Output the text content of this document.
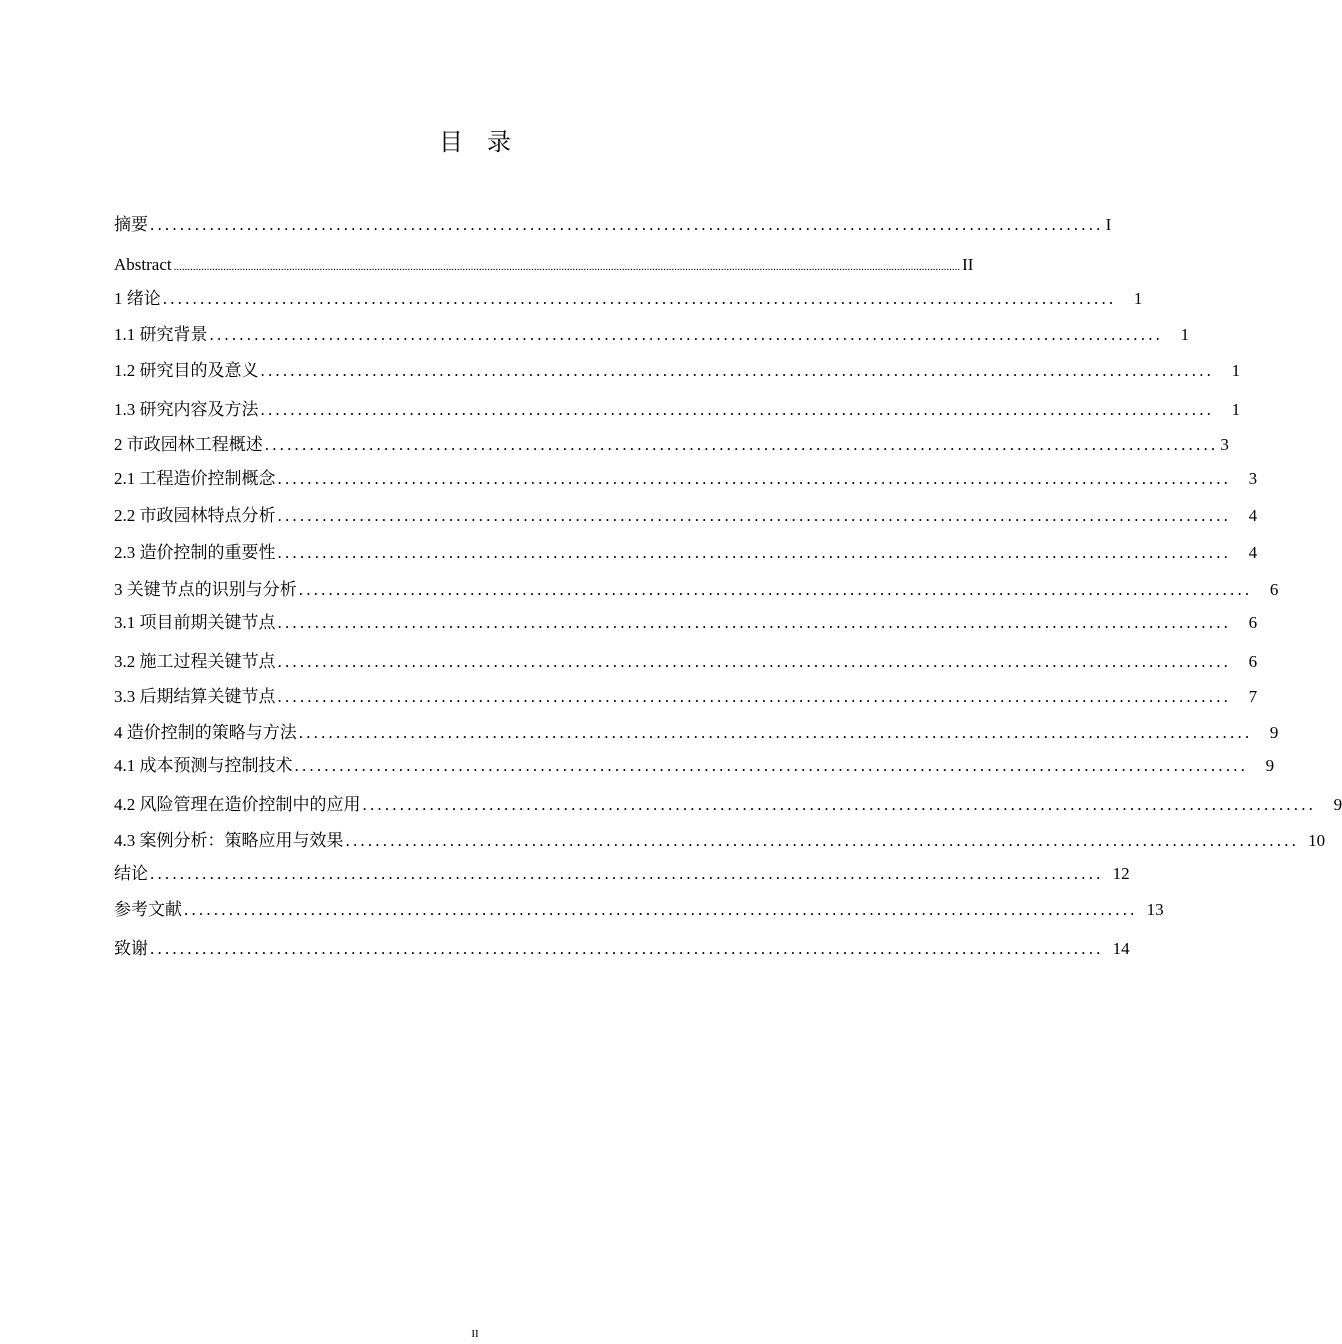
目　录
摘要 ................................................................................................................................ I
Abstract .............................................................................................................................................................................................................................................................................................. II
1 绪论 ................................................................................................................................	1
1.1 研究背景 ................................................................................................................................	1
1.2 研究目的及意义 ................................................................................................................................	1
1.3 研究内容及方法 ................................................................................................................................	1
2 市政园林工程概述 ................................................................................................................................ 3
2.1 工程造价控制概念 ................................................................................................................................	3
2.2 市政园林特点分析 ................................................................................................................................	4
2.3 造价控制的重要性 ................................................................................................................................	4
3 关键节点的识别与分析 ................................................................................................................................	6
3.1 项目前期关键节点 ................................................................................................................................	6
3.2 施工过程关键节点 ................................................................................................................................	6
3.3 后期结算关键节点 ................................................................................................................................	7
4 造价控制的策略与方法 ................................................................................................................................	9
4.1 成本预测与控制技术 ................................................................................................................................	9
4.2 风险管理在造价控制中的应用 ................................................................................................................................	9
4.3 案例分析：策略应用与效果 ................................................................................................................................ 10
结论 ................................................................................................................................ 12
参考文献 ................................................................................................................................ 13
致谢 ................................................................................................................................ 14
II
